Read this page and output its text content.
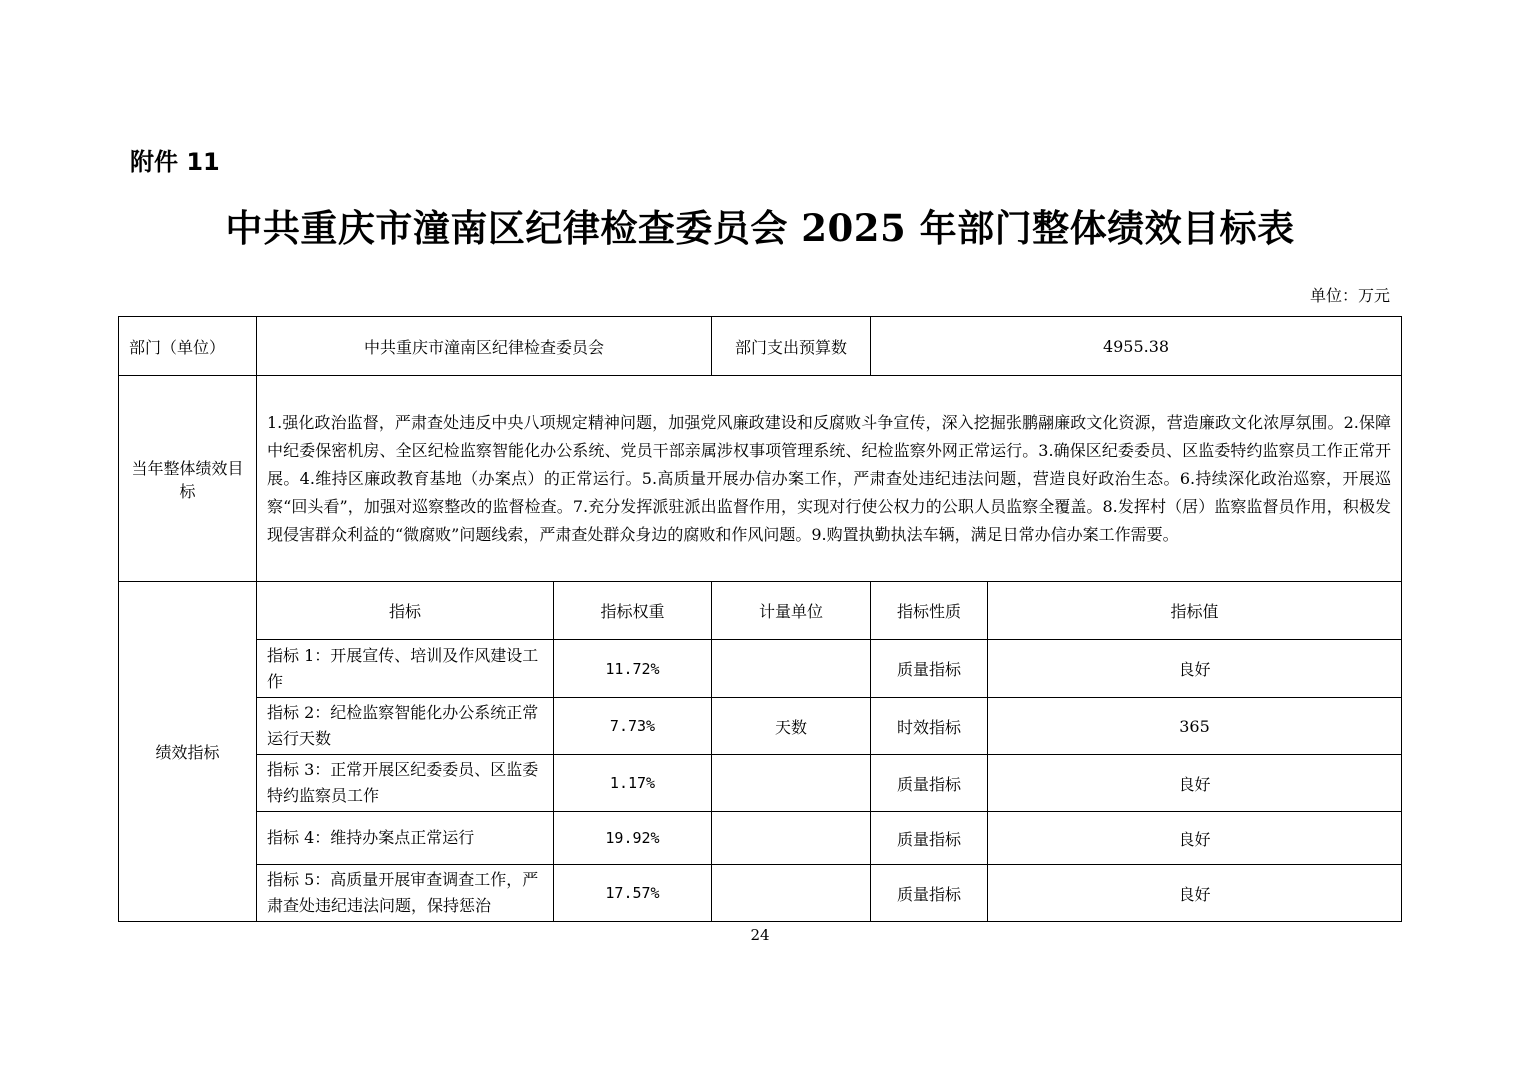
附件 11
中共重庆市潼南区纪律检查委员会 2025 年部门整体绩效目标表
单位：万元
部门（单位）	中共重庆市潼南区纪律检查委员会		部门支出预算数	4955.38	
当年整体绩效目标	1.强化政治监督，严肃查处违反中央八项规定精神问题，加强党风廉政建设和反腐败斗争宣传，深入挖掘张鹏翮廉政文化资源，营造廉政文化浓厚氛围。2.保障中纪委保密机房、全区纪检监察智能化办公系统、党员干部亲属涉权事项管理系统、纪检监察外网正常运行。3.确保区纪委委员、区监委特约监察员工作正常开展。4.维持区廉政教育基地（办案点）的正常运行。5.高质量开展办信办案工作，严肃查处违纪违法问题，营造良好政治生态。6.持续深化政治巡察，开展巡察“回头看”，加强对巡察整改的监督检查。7.充分发挥派驻派出监督作用，实现对行使公权力的公职人员监察全覆盖。8.发挥村（居）监察监督员作用，积极发现侵害群众利益的“微腐败”问题线索，严肃查处群众身边的腐败和作风问题。9.购置执勤执法车辆，满足日常办信办案工作需要。				
绩效指标	指标	指标权重	计量单位	指标性质	指标值
	指标 1：开展宣传、培训及作风建设工作	11.72%		质量指标	良好
	指标 2：纪检监察智能化办公系统正常运行天数	7.73%	天数	时效指标	365
	指标 3：正常开展区纪委委员、区监委特约监察员工作	1.17%		质量指标	良好
	指标 4：维持办案点正常运行	19.92%		质量指标	良好
	指标 5：高质量开展审查调查工作，严肃查处违纪违法问题，保持惩治	17.57%		质量指标	良好
24
